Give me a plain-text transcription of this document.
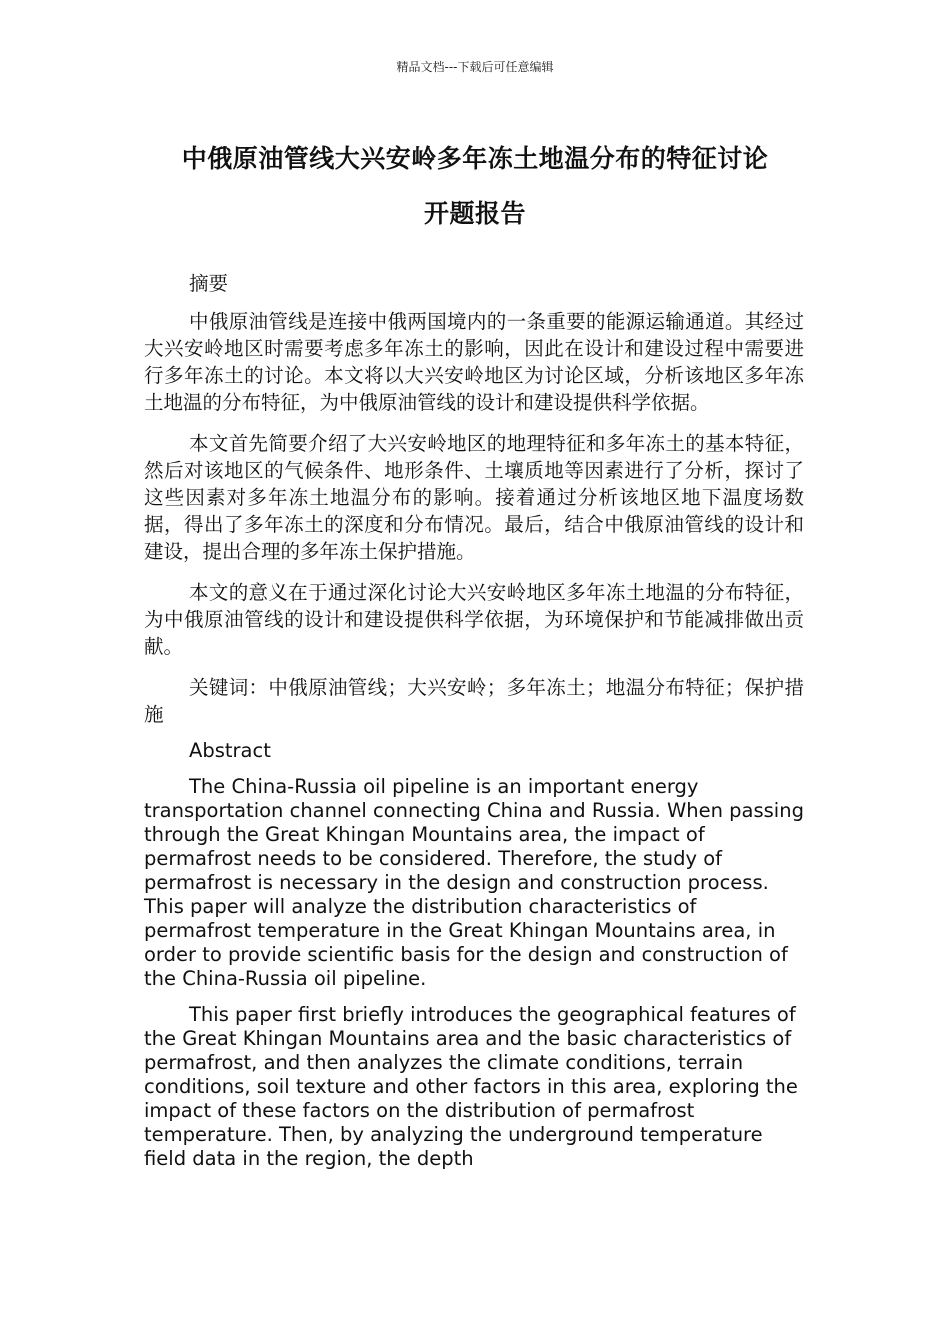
精品文档---下载后可任意编辑
中俄原油管线大兴安岭多年冻土地温分布的特征讨论
开题报告

摘要

中俄原油管线是连接中俄两国境内的一条重要的能源运输通道。其经过大兴安岭地区时需要考虑多年冻土的影响，因此在设计和建设过程中需要进行多年冻土的讨论。本文将以大兴安岭地区为讨论区域，分析该地区多年冻土地温的分布特征，为中俄原油管线的设计和建设提供科学依据。

本文首先简要介绍了大兴安岭地区的地理特征和多年冻土的基本特征，然后对该地区的气候条件、地形条件、土壤质地等因素进行了分析，探讨了这些因素对多年冻土地温分布的影响。接着通过分析该地区地下温度场数据，得出了多年冻土的深度和分布情况。最后，结合中俄原油管线的设计和建设，提出合理的多年冻土保护措施。

本文的意义在于通过深化讨论大兴安岭地区多年冻土地温的分布特征，为中俄原油管线的设计和建设提供科学依据，为环境保护和节能减排做出贡献。

关键词：中俄原油管线；大兴安岭；多年冻土；地温分布特征；保护措施

Abstract

The China-Russia oil pipeline is an important energy transportation channel connecting China and Russia. When passing through the Great Khingan Mountains area, the impact of permafrost needs to be considered. Therefore, the study of permafrost is necessary in the design and construction process. This paper will analyze the distribution characteristics of permafrost temperature in the Great Khingan Mountains area, in order to provide scientific basis for the design and construction of the China-Russia oil pipeline.

This paper first briefly introduces the geographical features of the Great Khingan Mountains area and the basic characteristics of permafrost, and then analyzes the climate conditions, terrain conditions, soil texture and other factors in this area, exploring the impact of these factors on the distribution of permafrost temperature. Then, by analyzing the underground temperature field data in the region, the depth
